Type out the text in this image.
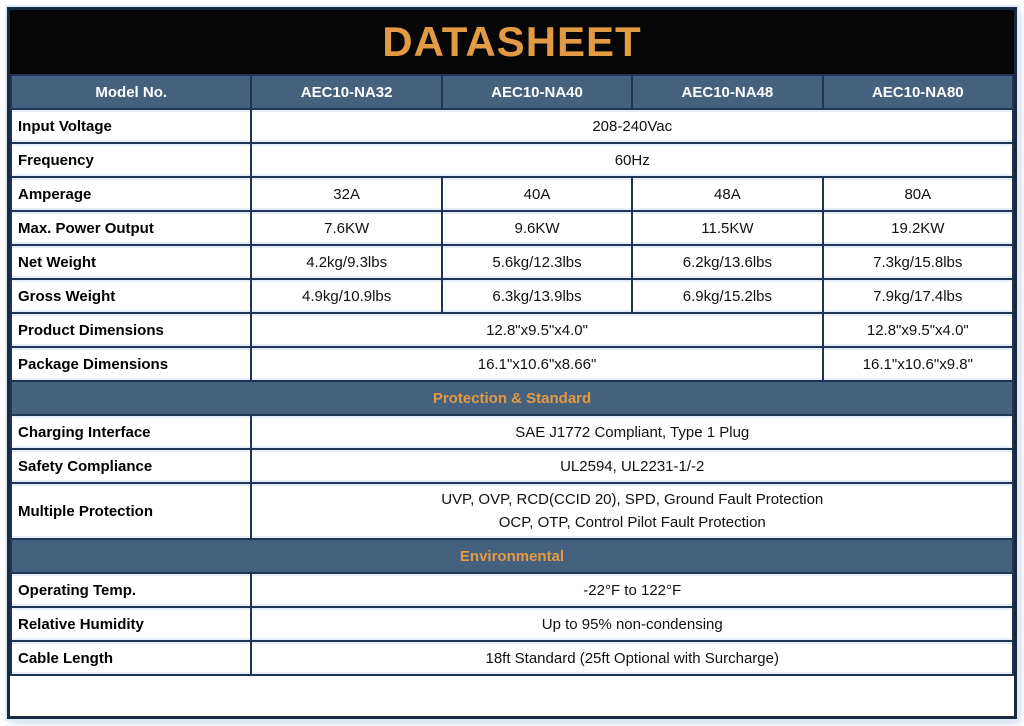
DATASHEET
Model No.	AEC10-NA32	AEC10-NA40	AEC10-NA48	AEC10-NA80
Input Voltage	208-240Vac			
Frequency	60Hz			
Amperage	32A	40A	48A	80A
Max. Power Output	7.6KW	9.6KW	11.5KW	19.2KW
Net Weight	4.2kg/9.3lbs	5.6kg/12.3lbs	6.2kg/13.6lbs	7.3kg/15.8lbs
Gross Weight	4.9kg/10.9lbs	6.3kg/13.9lbs	6.9kg/15.2lbs	7.9kg/17.4lbs
Product Dimensions	12.8"x9.5"x4.0"			12.8"x9.5"x4.0"
Package Dimensions	16.1"x10.6"x8.66"			16.1"x10.6"x9.8"
Protection & Standard				
Charging Interface	SAE J1772 Compliant, Type 1 Plug			
Safety Compliance	UL2594, UL2231-1/-2			
Multiple Protection	UVP, OVP, RCD(CCID 20), SPD, Ground Fault Protection
OCP, OTP, Control Pilot Fault Protection			

Environmental				
Operating Temp.	-22°F to 122°F			
Relative Humidity	Up to 95% non-condensing			
Cable Length	18ft Standard (25ft Optional with Surcharge)			
